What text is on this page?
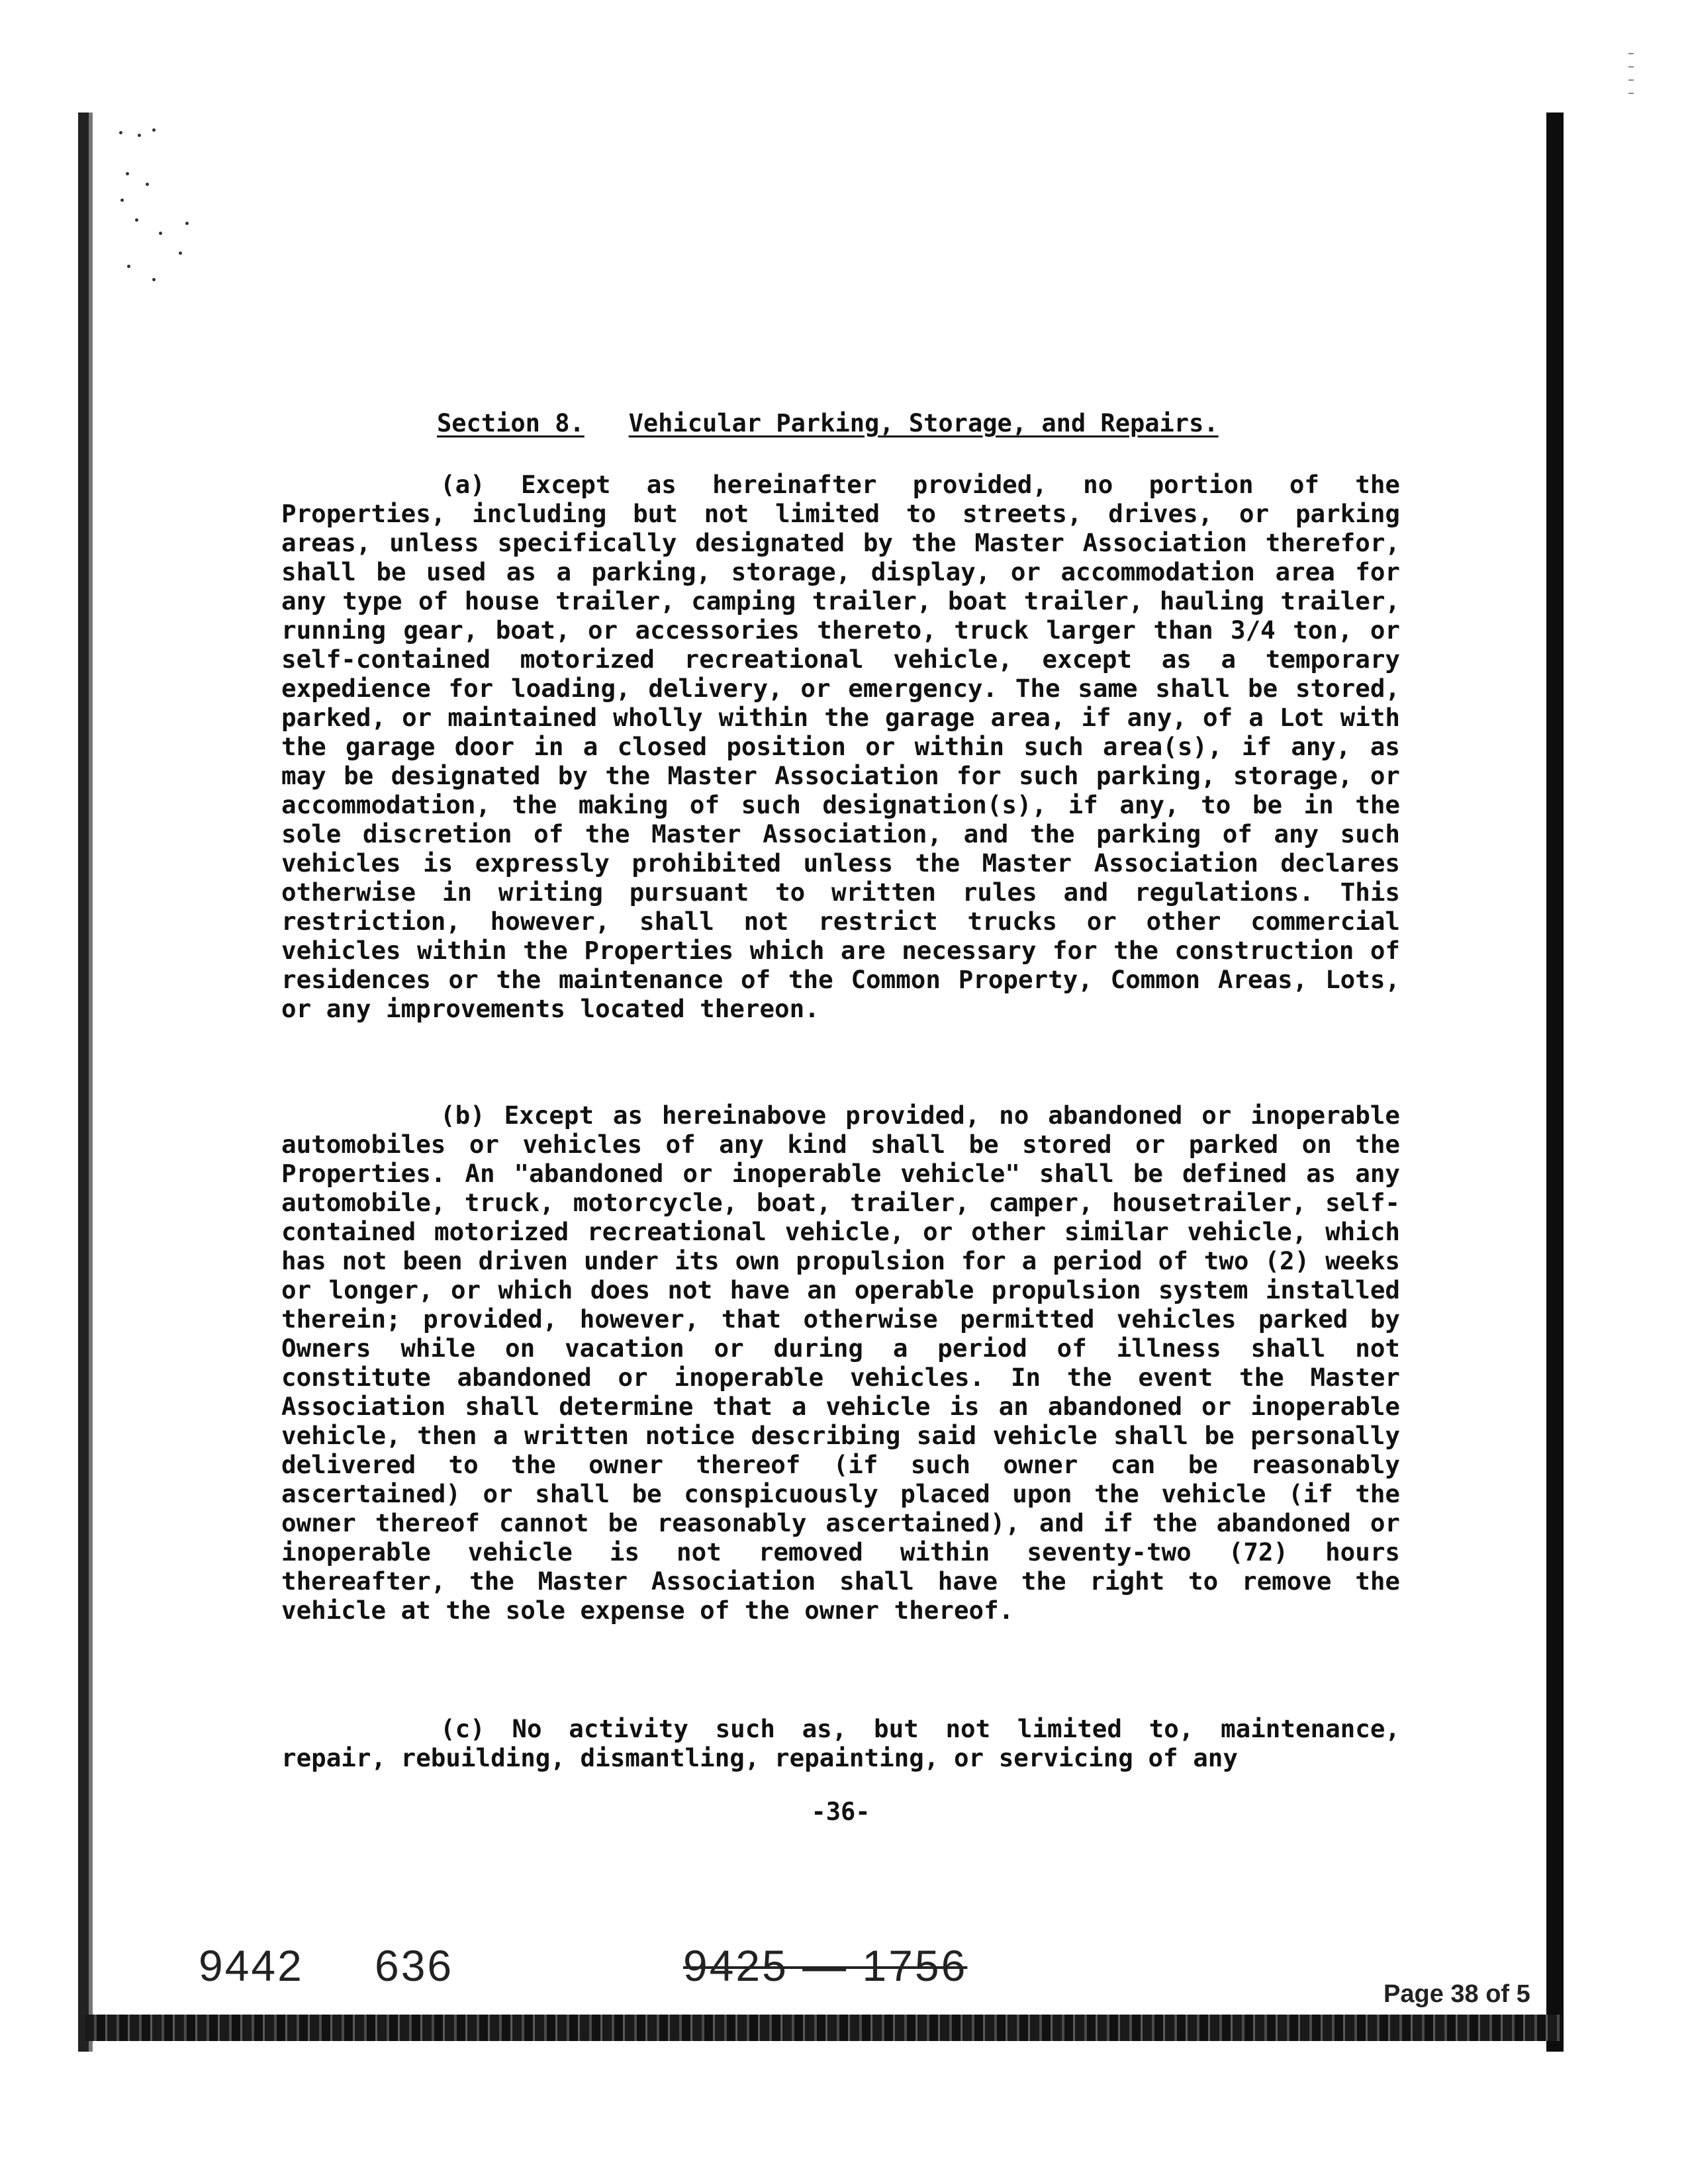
Section 8. Vehicular Parking, Storage, and Repairs.

(a) Except as hereinafter provided, no portion of the Properties, including but not limited to streets, drives, or parking areas, unless specifically designated by the Master Association therefor, shall be used as a parking, storage, display, or accommodation area for any type of house trailer, camping trailer, boat trailer, hauling trailer, running gear, boat, or accessories thereto, truck larger than 3/4 ton, or self-contained motorized recreational vehicle, except as a temporary expedience for loading, delivery, or emergency. The same shall be stored, parked, or maintained wholly within the garage area, if any, of a Lot with the garage door in a closed position or within such area(s), if any, as may be designated by the Master Association for such parking, storage, or accommodation, the making of such designation(s), if any, to be in the sole discretion of the Master Association, and the parking of any such vehicles is expressly prohibited unless the Master Association declares otherwise in writing pursuant to written rules and regulations. This restriction, however, shall not restrict trucks or other commercial vehicles within the Properties which are necessary for the construction of residences or the maintenance of the Common Property, Common Areas, Lots, or any improvements located thereon.

(b) Except as hereinabove provided, no abandoned or inoperable automobiles or vehicles of any kind shall be stored or parked on the Properties. An "abandoned or inoperable vehicle" shall be defined as any automobile, truck, motorcycle, boat, trailer, camper, housetrailer, self-contained motorized recreational vehicle, or other similar vehicle, which has not been driven under its own propulsion for a period of two (2) weeks or longer, or which does not have an operable propulsion system installed therein; provided, however, that otherwise permitted vehicles parked by Owners while on vacation or during a period of illness shall not constitute abandoned or inoperable vehicles. In the event the Master Association shall determine that a vehicle is an abandoned or inoperable vehicle, then a written notice describing said vehicle shall be personally delivered to the owner thereof (if such owner can be reasonably ascertained) or shall be conspicuously placed upon the vehicle (if the owner thereof cannot be reasonably ascertained), and if the abandoned or inoperable vehicle is not removed within seventy-two (72) hours thereafter, the Master Association shall have the right to remove the vehicle at the sole expense of the owner thereof.

(c) No activity such as, but not limited to, maintenance, repair, rebuilding, dismantling, repainting, or servicing of any

-36-
9442 636	9425 — 1756
Page 38 of 5
